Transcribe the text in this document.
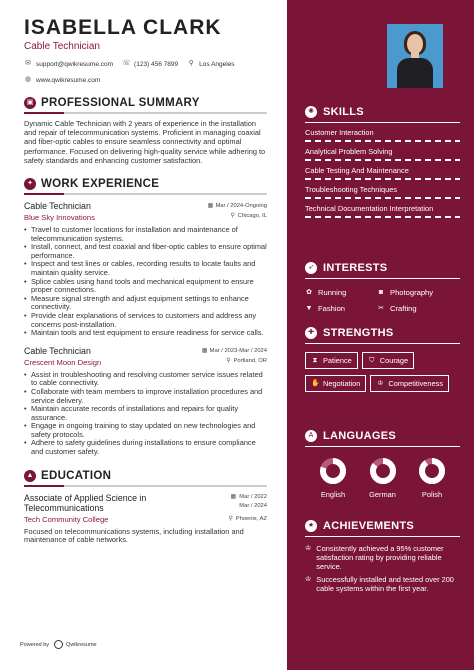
ISABELLA CLARK
Cable Technician
✉ support@qwikresume.com ☏ (123) 456 7899 ⚲ Los Angeles
◍ www.qwikresume.com
▣ PROFESSIONAL SUMMARY
Dynamic Cable Technician with 2 years of experience in the installation and repair of telecommunication systems. Proficient in managing coaxial and fiber-optic cables to ensure seamless connectivity and optimal performance. Focused on delivering high-quality service while adhering to safety standards and enhancing customer satisfaction.
✦ WORK EXPERIENCE
Cable Technician
Blue Sky Innovations
▦ Mar / 2024-Ongoing
⚲ Chicago, IL
• Travel to customer locations for installation and maintenance of telecommunication systems.
• Install, connect, and test coaxial and fiber-optic cables to ensure optimal performance.
• Inspect and test lines or cables, recording results to locate faults and maintain quality service.
• Splice cables using hand tools and mechanical equipment to ensure proper connections.
• Measure signal strength and adjust equipment settings to enhance connectivity.
• Provide clear explanations of services to customers and address any concerns post-installation.
• Maintain tools and test equipment to ensure readiness for service calls.
Cable Technician
Crescent Moon Design
▦ Mar / 2023-Mar / 2024
⚲ Portland, OR
• Assist in troubleshooting and resolving customer service issues related to cable connectivity.
• Collaborate with team members to improve installation procedures and service delivery.
• Maintain accurate records of installations and repairs for quality assurance.
• Engage in ongoing training to stay updated on new technologies and safety protocols.
• Adhere to safety guidelines during installations to ensure compliance and customer safety.
▲ EDUCATION
Associate of Applied Science in Telecommunications
▦ Mar / 2022
Mar / 2024
Tech Community College	⚲ Phoenix, AZ
Focused on telecommunications systems, including installation and maintenance of cable networks.
Powered by	Qwikresume
✺ SKILLS
Customer Interaction
Analytical Problem Solving
Cable Testing And Maintenance
Troubleshooting Techniques
Technical Documentation Interpretation
➶ INTERESTS
✿ Running	◙ Photography
▼ Fashion	✂ Crafting
✚ STRENGTHS
⧗ Patience ⛉ Courage
✋ Negotiation ♔ Competitiveness
A LANGUAGES
English	German	Polish
★ ACHIEVEMENTS
♔ Consistently achieved a 95% customer satisfaction rating by providing reliable service.
♔ Successfully installed and tested over 200 cable systems within the first year.
